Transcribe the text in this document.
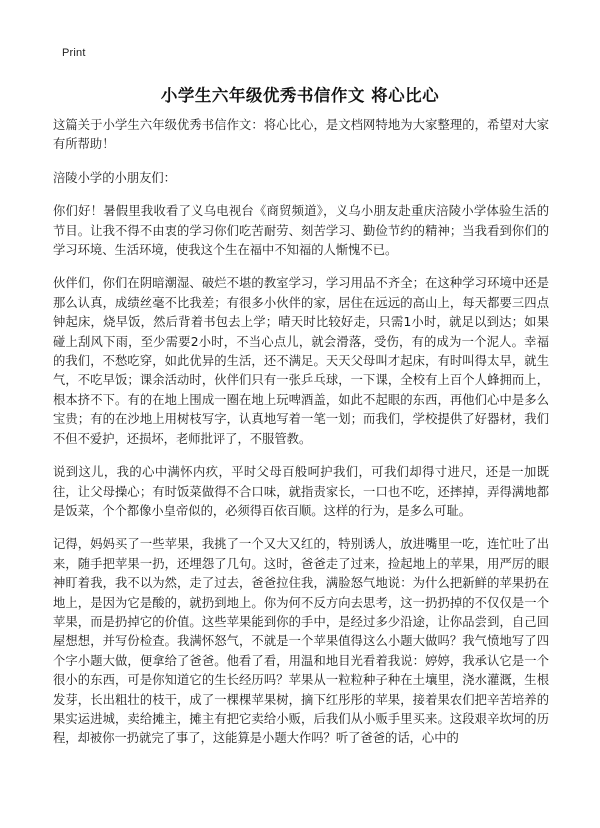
Print
小学生六年级优秀书信作文 将心比心

这篇关于小学生六年级优秀书信作文：将心比心，是文档网特地为大家整理的，希望对大家有所帮助！

涪陵小学的小朋友们：

你们好！暑假里我收看了义乌电视台《商贸频道》，义乌小朋友赴重庆涪陵小学体验生活的节目。让我不得不由衷的学习你们吃苦耐劳、刻苦学习、勤俭节约的精神；当我看到你们的学习环境、生活环境，使我这个生在福中不知福的人惭愧不已。

伙伴们，你们在阴暗潮湿、破烂不堪的教室学习，学习用品不齐全；在这种学习环境中还是那么认真，成绩丝毫不比我差；有很多小伙伴的家，居住在远远的高山上，每天都要三四点钟起床，烧早饭，然后背着书包去上学；晴天时比较好走，只需1小时，就足以到达；如果碰上刮风下雨，至少需要2小时，不当心点儿，就会滑落，受伤，有的成为一个泥人。幸福的我们，不愁吃穿，如此优异的生活，还不满足。天天父母叫才起床，有时叫得太早，就生气，不吃早饭；课余活动时，伙伴们只有一张乒乓球，一下课，全校有上百个人蜂拥而上，根本挤不下。有的在地上围成一圈在地上玩啤酒盖，如此不起眼的东西，再他们心中是多么宝贵；有的在沙地上用树枝写字，认真地写着一笔一划；而我们，学校提供了好器材，我们不但不爱护，还损坏，老师批评了，不服管教。

说到这儿，我的心中满怀内疚，平时父母百般呵护我们，可我们却得寸进尺，还是一加既往，让父母操心；有时饭菜做得不合口味，就指责家长，一口也不吃，还摔掉，弄得满地都是饭菜，个个都像小皇帝似的，必须得百依百顺。这样的行为，是多么可耻。

记得，妈妈买了一些苹果，我挑了一个又大又红的，特别诱人，放进嘴里一吃，连忙吐了出来，随手把苹果一扔，还埋怨了几句。这时，爸爸走了过来，捡起地上的苹果，用严厉的眼神盯着我，我不以为然，走了过去，爸爸拉住我，满脸怒气地说：为什么把新鲜的苹果扔在地上，是因为它是酸的，就扔到地上。你为何不反方向去思考，这一扔扔掉的不仅仅是一个苹果，而是扔掉它的价值。这些苹果能到你的手中，是经过多少沿途，让你品尝到，自己回屋想想，并写份检查。我满怀怒气，不就是一个苹果值得这么小题大做吗？我气愤地写了四个字小题大做，便拿给了爸爸。他看了看，用温和地目光看着我说：婷婷，我承认它是一个很小的东西，可是你知道它的生长经历吗？苹果从一粒粒种子种在土壤里，浇水灌溉，生根发芽，长出粗壮的枝干，成了一棵棵苹果树，摘下红彤彤的苹果，接着果农们把辛苦培养的果实运进城，卖给摊主，摊主有把它卖给小贩，后我们从小贩手里买来。这段艰辛坎坷的历程，却被你一扔就完了事了，这能算是小题大作吗？听了爸爸的话，心中的
